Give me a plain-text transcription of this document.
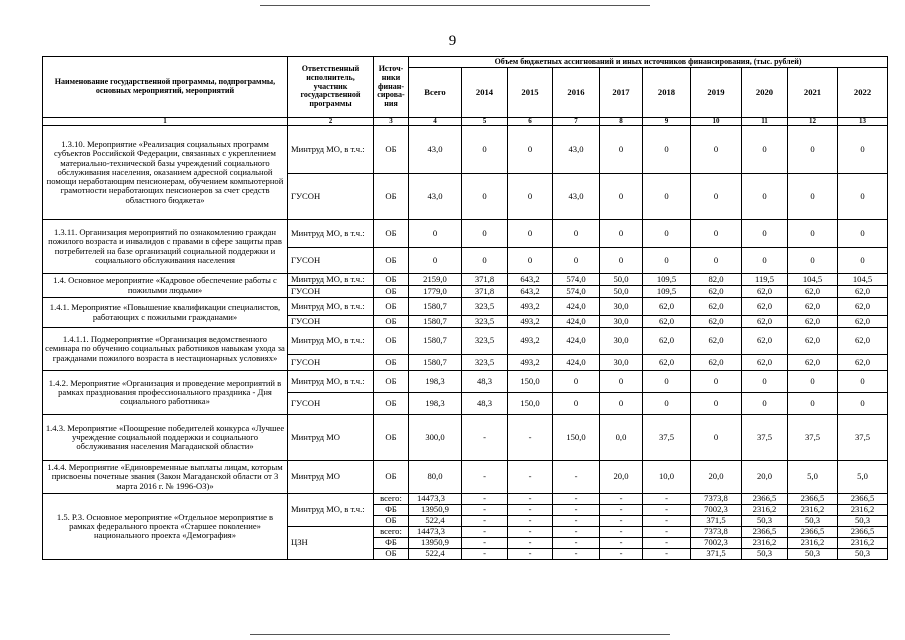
9
Наименование государственной программы, подпрограммы, основных мероприятий, мероприятий	Ответственный исполнитель, участник государственной программы	Источ-ники финан-сирова-ния	Объем бюджетных ассигнований и иных источников финансирования, (тыс. рублей)									
			Всего	2014	2015	2016	2017	2018	2019	2020	2021	2022
1	2	3	4	5	6	7	8	9	10	11	12	13
1.3.10. Мероприятие «Реализация социальных программ субъектов Российской Федерации, связанных с укреплением материально-технической базы учреждений социального обслуживания населения, оказанием адресной социальной помощи неработающим пенсионерам, обучением компьютерной грамотности неработающих пенсионеров за счет средств областного бюджета»	Минтруд МО, в т.ч.:	ОБ	43,0	0	0	43,0	0	0	0	0	0	0
	ГУСОН	ОБ	43,0	0	0	43,0	0	0	0	0	0	0
1.3.11. Организация мероприятий по ознакомлению граждан пожилого возраста и инвалидов с правами в сфере защиты прав потребителей на базе организаций социальной поддержки и социального обслуживания населения	Минтруд МО, в т.ч.:	ОБ	0	0	0	0	0	0	0	0	0	0
	ГУСОН	ОБ	0	0	0	0	0	0	0	0	0	0
1.4. Основное мероприятие «Кадровое обеспечение работы с пожилыми людьми»	Минтруд МО, в т.ч.:	ОБ	2159,0	371,8	643,2	574,0	50,0	109,5	82,0	119,5	104,5	104,5
	ГУСОН	ОБ	1779,0	371,8	643,2	574,0	50,0	109,5	62,0	62,0	62,0	62,0
1.4.1. Мероприятие «Повышение квалификации специалистов, работающих с пожилыми гражданами»	Минтруд МО, в т.ч.:	ОБ	1580,7	323,5	493,2	424,0	30,0	62,0	62,0	62,0	62,0	62,0
	ГУСОН	ОБ	1580,7	323,5	493,2	424,0	30,0	62,0	62,0	62,0	62,0	62,0
1.4.1.1. Подмероприятие «Организация ведомственного семинара по обучению социальных работников навыкам ухода за гражданами пожилого возраста в нестационарных условиях»	Минтруд МО, в т.ч.:	ОБ	1580,7	323,5	493,2	424,0	30,0	62,0	62,0	62,0	62,0	62,0
	ГУСОН	ОБ	1580,7	323,5	493,2	424,0	30,0	62,0	62,0	62,0	62,0	62,0
1.4.2. Мероприятие «Организация и проведение мероприятий в рамках празднования профессионального праздника - Дня социального работника»	Минтруд МО, в т.ч.:	ОБ	198,3	48,3	150,0	0	0	0	0	0	0	0
	ГУСОН	ОБ	198,3	48,3	150,0	0	0	0	0	0	0	0
1.4.3. Мероприятие «Поощрение победителей конкурса «Лучшее учреждение социальной поддержки и социального обслуживания населения Магаданской области»	Минтруд МО	ОБ	300,0	-	-	150,0	0,0	37,5	0	37,5	37,5	37,5
1.4.4. Мероприятие «Единовременные выплаты лицам, которым присвоены почетные звания (Закон Магаданской области от 3 марта 2016 г. № 1996-ОЗ)»	Минтруд МО	ОБ	80,0	-	-	-	20,0	10,0	20,0	20,0	5,0	5,0
1.5. Р.3. Основное мероприятие «Отдельное мероприятие в рамках федерального проекта «Старшее поколение» национального проекта «Демография»	Минтруд МО, в т.ч.:	всего:	14473,3	-	-	-	-	-	7373,8	2366,5	2366,5	2366,5
		ФБ	13950,9	-	-	-	-	-	7002,3	2316,2	2316,2	2316,2
		ОБ	522,4	-	-	-	-	-	371,5	50,3	50,3	50,3
	ЦЗН	всего:	14473,3	-	-	-	-	-	7373,8	2366,5	2366,5	2366,5
		ФБ	13950,9	-	-	-	-	-	7002,3	2316,2	2316,2	2316,2
		ОБ	522,4	-	-	-	-	-	371,5	50,3	50,3	50,3
